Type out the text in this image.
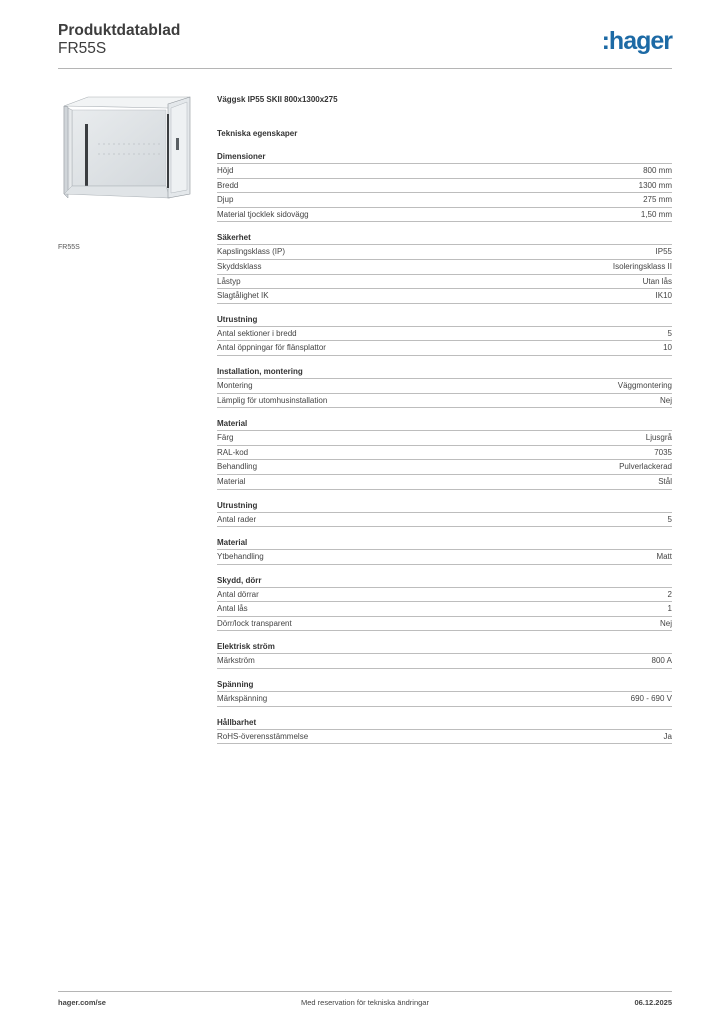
Produktdatablad
FR55S	:hager
FR55S
Väggsk IP55 SKII 800x1300x275
Tekniska egenskaper
Dimensioner
Höjd	800 mm
Bredd	1300 mm
Djup	275 mm
Material tjocklek sidovägg	1,50 mm
Säkerhet
Kapslingsklass (IP)	IP55
Skyddsklass	Isoleringsklass II
Låstyp	Utan lås
Slagtålighet IK	IK10
Utrustning
Antal sektioner i bredd	5
Antal öppningar för flänsplattor	10
Installation, montering
Montering	Väggmontering
Lämplig för utomhusinstallation	Nej
Material
Färg	Ljusgrå
RAL-kod	7035
Behandling	Pulverlackerad
Material	Stål
Utrustning
Antal rader	5
Material
Ytbehandling	Matt
Skydd, dörr
Antal dörrar	2
Antal lås	1
Dörr/lock transparent	Nej
Elektrisk ström
Märkström	800 A
Spänning
Märkspänning	690 - 690 V
Hållbarhet
RoHS-överensstämmelse	Ja
hager.com/se	Med reservation för tekniska ändringar	06.12.2025
